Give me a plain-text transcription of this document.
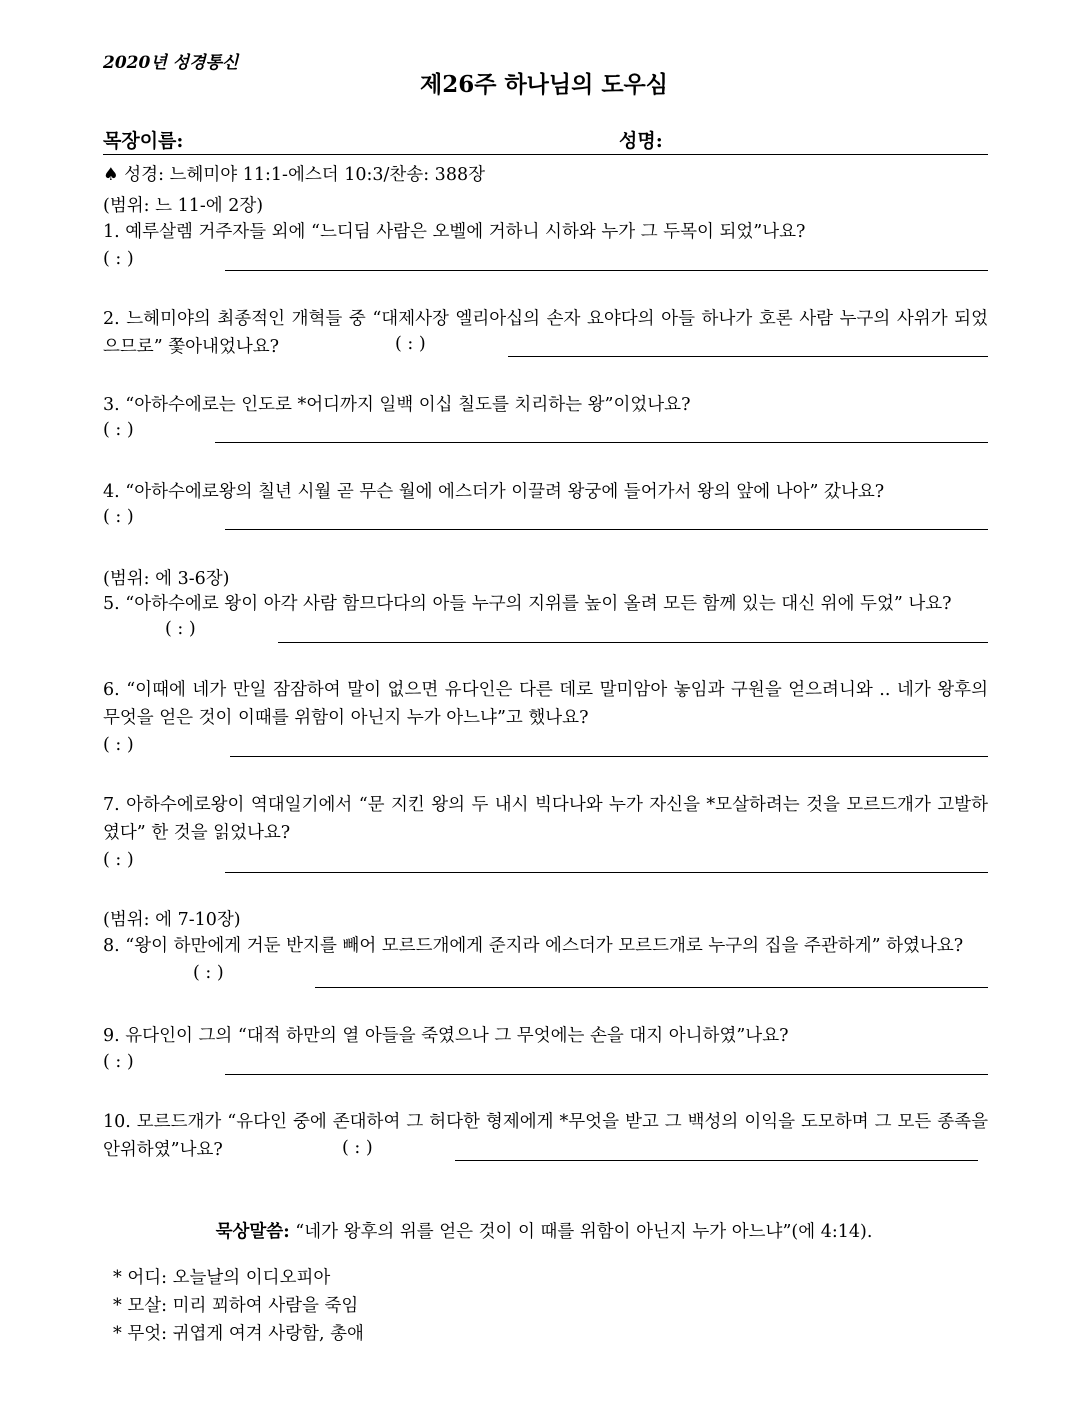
2020년 성경통신
제26주 하나님의 도우심
목장이름:	성명:
♠ 성경: 느헤미야 11:1-에스더 10:3/찬송: 388장
(범위: 느 11-에 2장)
1. 예루살렘 거주자들 외에 “느디딤 사람은 오벨에 거하니 시하와 누가 그 두목이 되었”나요?
( : )
2. 느헤미야의 최종적인 개혁들 중 “대제사장 엘리아십의 손자 요야다의 아들 하나가 호론 사람 누구의 사위가 되었으므로” 쫓아내었나요?	( : )
3. “아하수에로는 인도로 *어디까지 일백 이십 칠도를 치리하는 왕”이었나요?
( : )
4. “아하수에로왕의 칠년 시월 곧 무슨 월에 에스더가 이끌려 왕궁에 들어가서 왕의 앞에 나아” 갔나요?
( : )
(범위: 에 3-6장)
5. “아하수에로 왕이 아각 사람 함므다다의 아들 누구의 지위를 높이 올려 모든 함께 있는 대신 위에 두었” 나요?
( : )
6. “이때에 네가 만일 잠잠하여 말이 없으면 유다인은 다른 데로 말미암아 놓임과 구원을 얻으려니와 .. 네가 왕후의 무엇을 얻은 것이 이때를 위함이 아닌지 누가 아느냐”고 했나요?
( : )
7. 아하수에로왕이 역대일기에서 “문 지킨 왕의 두 내시 빅다나와 누가 자신을 *모살하려는 것을 모르드개가 고발하였다” 한 것을 읽었나요?
( : )
(범위: 에 7-10장)
8. “왕이 하만에게 거둔 반지를 빼어 모르드개에게 준지라 에스더가 모르드개로 누구의 집을 주관하게” 하였나요?
( : )
9. 유다인이 그의 “대적 하만의 열 아들을 죽였으나 그 무엇에는 손을 대지 아니하였”나요?
( : )
10. 모르드개가 “유다인 중에 존대하여 그 허다한 형제에게 *무엇을 받고 그 백성의 이익을 도모하며 그 모든 종족을 안위하였”나요?	( : )
묵상말씀: “네가 왕후의 위를 얻은 것이 이 때를 위함이 아닌지 누가 아느냐”(에 4:14).
* 어디: 오늘날의 이디오피아
* 모살: 미리 꾀하여 사람을 죽임
* 무엇: 귀엽게 여겨 사랑함, 총애
